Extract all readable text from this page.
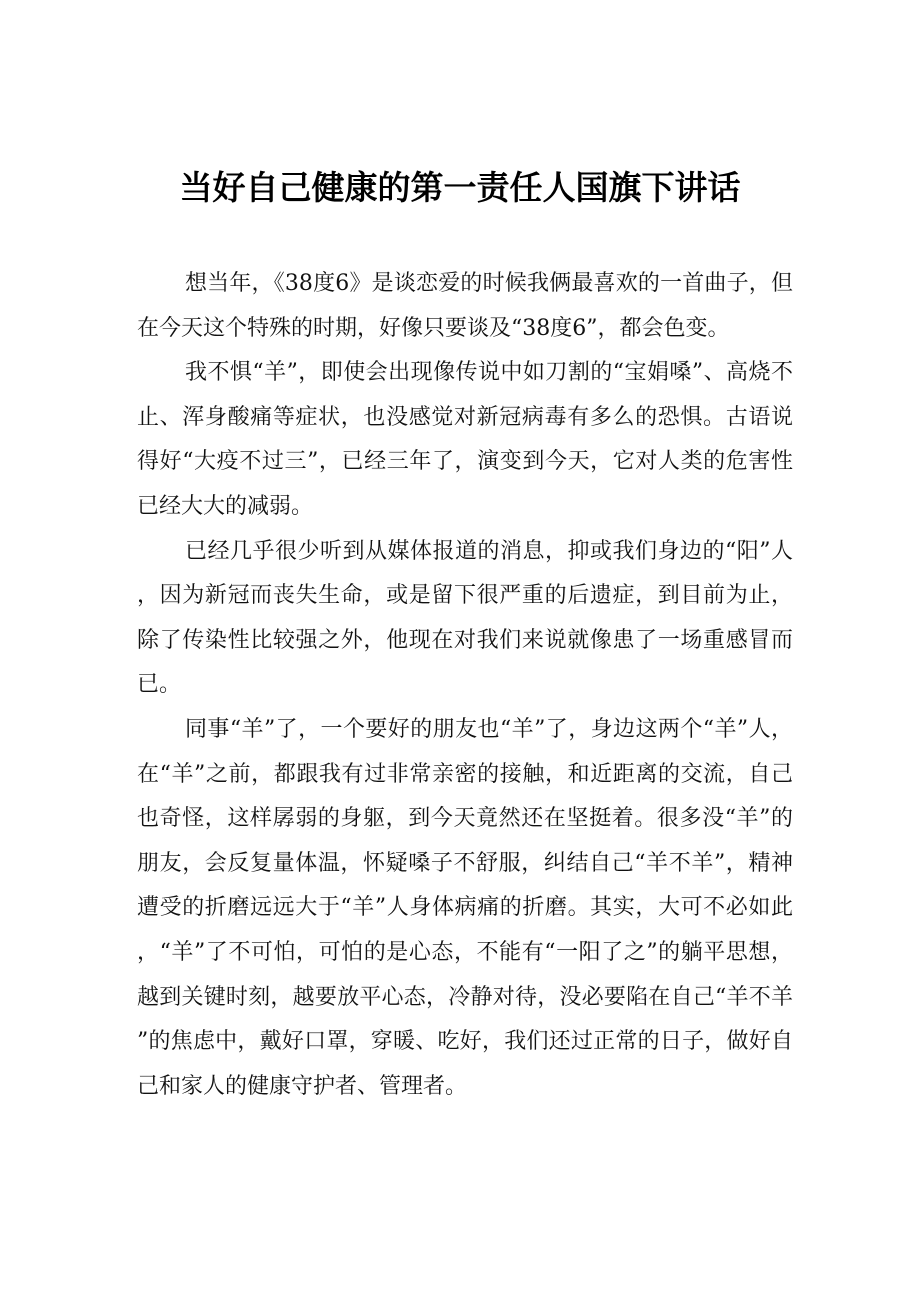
当好自己健康的第一责任人国旗下讲话

想当年，《38度6》是谈恋爱的时候我俩最喜欢的一首曲子，但在今天这个特殊的时期，好像只要谈及“38度6”，都会色变。

我不惧“羊”，即使会出现像传说中如刀割的“宝娟嗓”、高烧不止、浑身酸痛等症状，也没感觉对新冠病毒有多么的恐惧。古语说得好“大疫不过三”，已经三年了，演变到今天，它对人类的危害性已经大大的减弱。

已经几乎很少听到从媒体报道的消息，抑或我们身边的“阳”人，因为新冠而丧失生命，或是留下很严重的后遗症，到目前为止，除了传染性比较强之外，他现在对我们来说就像患了一场重感冒而已。

同事“羊”了，一个要好的朋友也“羊”了，身边这两个“羊”人，在“羊”之前，都跟我有过非常亲密的接触，和近距离的交流，自己也奇怪，这样孱弱的身躯，到今天竟然还在坚挺着。很多没“羊”的朋友，会反复量体温，怀疑嗓子不舒服，纠结自己“羊不羊”，精神遭受的折磨远远大于“羊”人身体病痛的折磨。其实，大可不必如此，“羊”了不可怕，可怕的是心态，不能有“一阳了之”的躺平思想，越到关键时刻，越要放平心态，冷静对待，没必要陷在自己“羊不羊”的焦虑中，戴好口罩，穿暖、吃好，我们还过正常的日子，做好自己和家人的健康守护者、管理者。
